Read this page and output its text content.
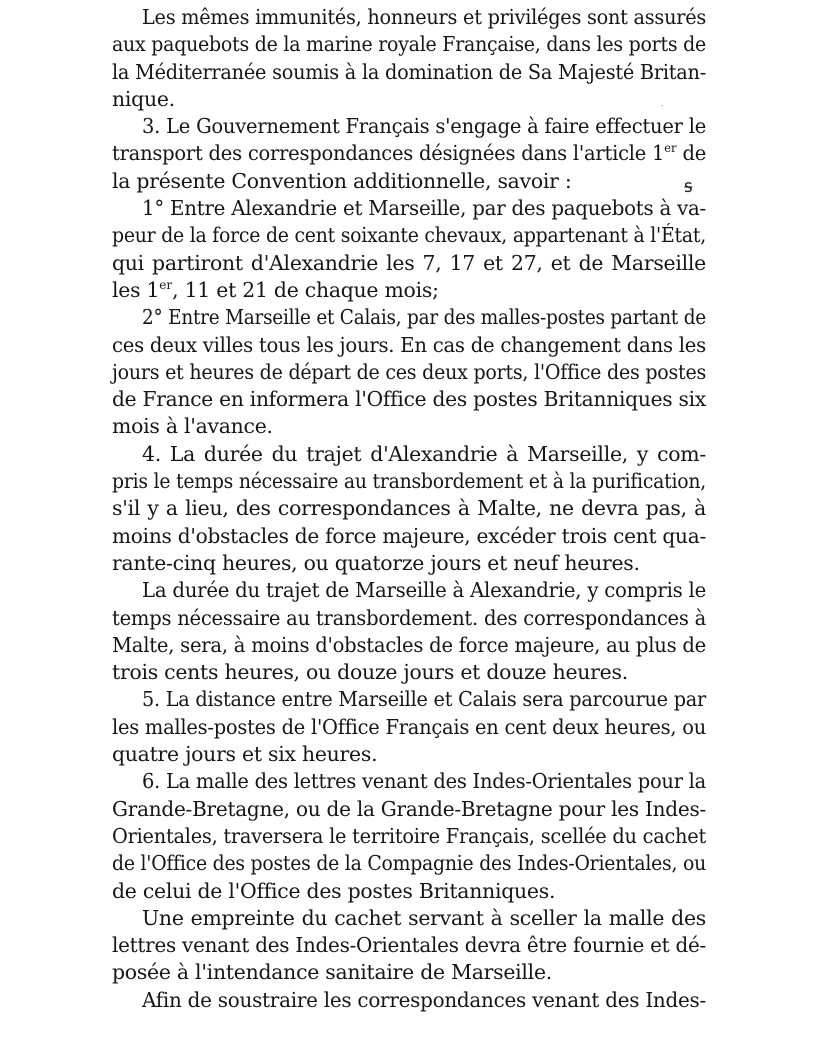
Les mêmes immunités, honneurs et priviléges sont assurés
aux paquebots de la marine royale Française, dans les ports de
la Méditerranée soumis à la domination de Sa Majesté Britan-
nique.
3. Le Gouvernement Français s'engage à faire effectuer le
transport des correspondances désignées dans l'article 1er de
la présente Convention additionnelle, savoir :
1° Entre Alexandrie et Marseille, par des paquebots à va-
peur de la force de cent soixante chevaux, appartenant à l'État,
qui partiront d'Alexandrie les 7, 17 et 27, et de Marseille
les 1er, 11 et 21 de chaque mois;
2° Entre Marseille et Calais, par des malles-postes partant de
ces deux villes tous les jours. En cas de changement dans les
jours et heures de départ de ces deux ports, l'Office des postes
de France en informera l'Office des postes Britanniques six
mois à l'avance.
4. La durée du trajet d'Alexandrie à Marseille, y com-
pris le temps nécessaire au transbordement et à la purification,
s'il y a lieu, des correspondances à Malte, ne devra pas, à
moins d'obstacles de force majeure, excéder trois cent qua-
rante-cinq heures, ou quatorze jours et neuf heures.
La durée du trajet de Marseille à Alexandrie, y compris le
temps nécessaire au transbordement. des correspondances à
Malte, sera, à moins d'obstacles de force majeure, au plus de
trois cents heures, ou douze jours et douze heures.
5. La distance entre Marseille et Calais sera parcourue par
les malles-postes de l'Office Français en cent deux heures, ou
quatre jours et six heures.
6. La malle des lettres venant des Indes-Orientales pour la
Grande-Bretagne, ou de la Grande-Bretagne pour les Indes-
Orientales, traversera le territoire Français, scellée du cachet
de l'Office des postes de la Compagnie des Indes-Orientales, ou
de celui de l'Office des postes Britanniques.
Une empreinte du cachet servant à sceller la malle des
lettres venant des Indes-Orientales devra être fournie et dé-
posée à l'intendance sanitaire de Marseille.
Afin de soustraire les correspondances venant des Indes-
ꟊ
